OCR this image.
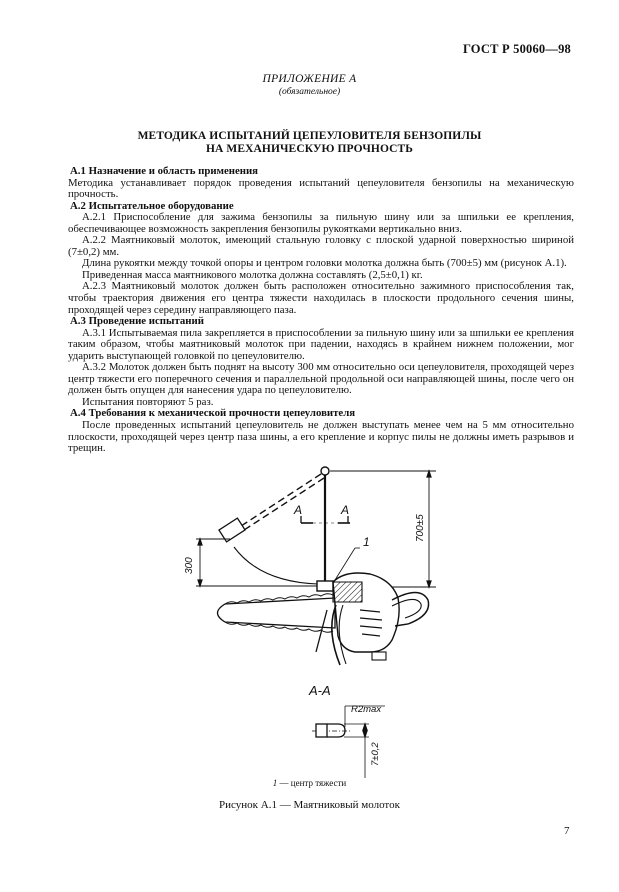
ГОСТ Р 50060—98
ПРИЛОЖЕНИЕ А
(обязательное)
МЕТОДИКА ИСПЫТАНИЙ ЦЕПЕУЛОВИТЕЛЯ БЕНЗОПИЛЫ
НА МЕХАНИЧЕСКУЮ ПРОЧНОСТЬ

А.1 Назначение и область применения

Методика устанавливает порядок проведения испытаний цепеуловителя бензопилы на механическую прочность.

А.2 Испытательное оборудование

А.2.1 Приспособление для зажима бензопилы за пильную шину или за шпильки ее крепления, обеспечивающее возможность закрепления бензопилы рукоятками вертикально вниз.

А.2.2 Маятниковый молоток, имеющий стальную головку с плоской ударной поверхностью шириной (7±0,2) мм.

Длина рукоятки между точкой опоры и центром головки молотка должна быть (700±5) мм (рисунок А.1).

Приведенная масса маятникового молотка должна составлять (2,5±0,1) кг.

А.2.3 Маятниковый молоток должен быть расположен относительно зажимного приспособления так, чтобы траектория движения его центра тяжести находилась в плоскости продольного сечения шины, проходящей через середину направляющего паза.

А.3 Проведение испытаний

А.3.1 Испытываемая пила закрепляется в приспособлении за пильную шину или за шпильки ее крепления таким образом, чтобы маятниковый молоток при падении, находясь в крайнем нижнем положении, мог ударить выступающей головкой по цепеуловителю.

А.3.2 Молоток должен быть поднят на высоту 300 мм относительно оси цепеуловителя, проходящей через центр тяжести его поперечного сечения и параллельной продольной оси направляющей шины, после чего он должен быть опущен для нанесения удара по цепеуловителю.

Испытания повторяют 5 раз.

А.4 Требования к механической прочности цепеуловителя

После проведенных испытаний цепеуловитель не должен выступать менее чем на 5 мм относительно плоскости, проходящей через центр паза шины, а его крепление и корпус пилы не должны иметь разрывов и трещин.

А	А
1
300
700±5
А-А
R2max
7±0,2
1 — центр тяжести
Рисунок А.1 — Маятниковый молоток
7
